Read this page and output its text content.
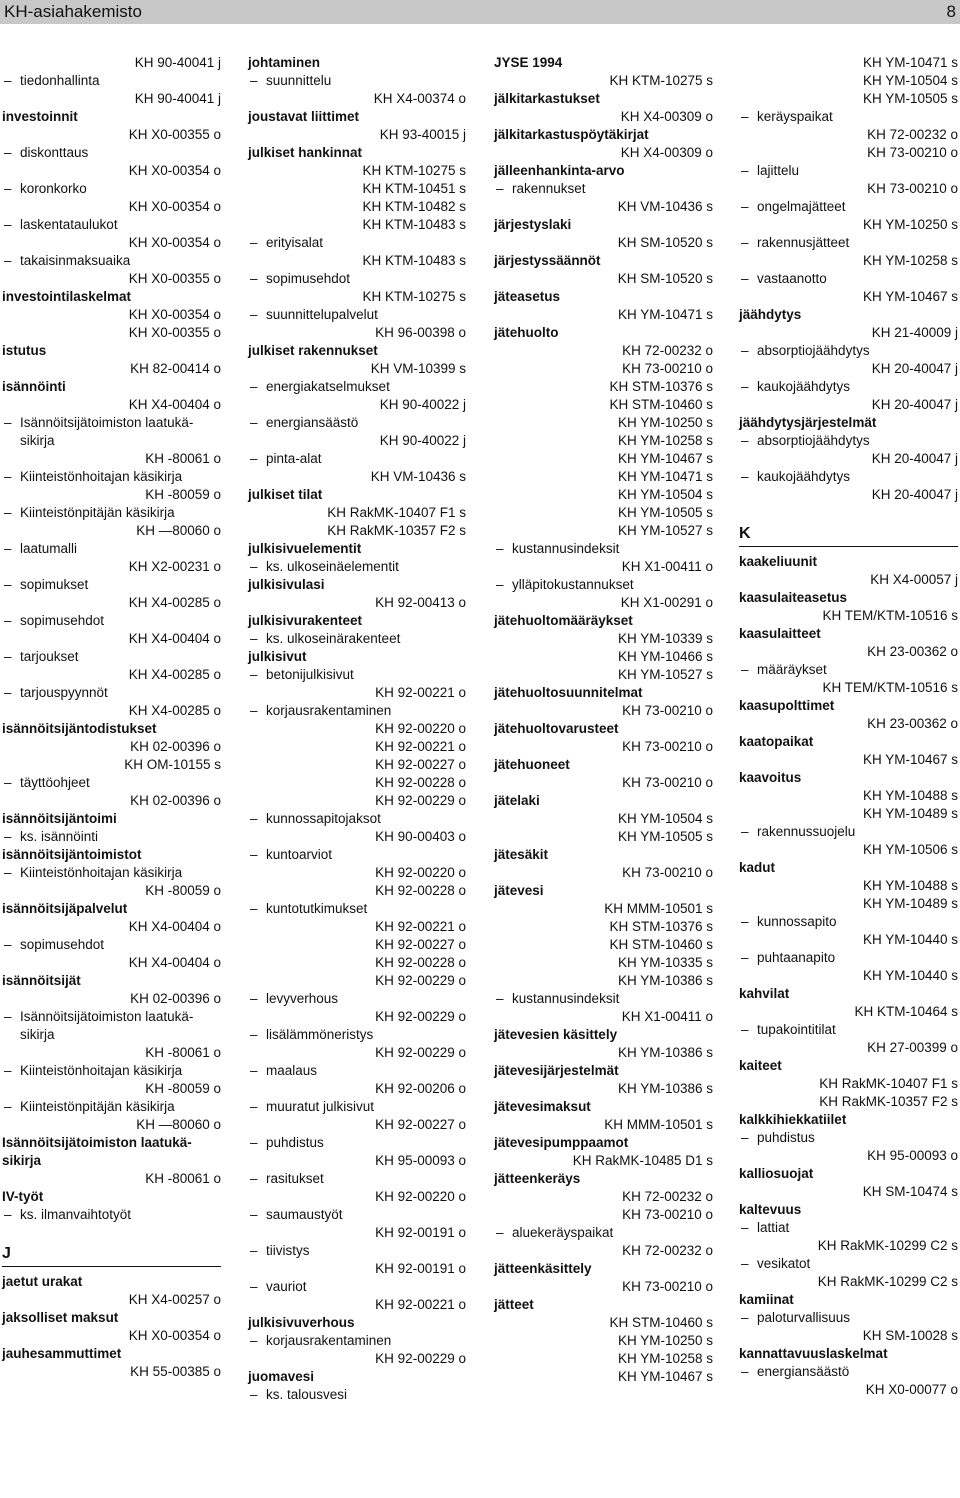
KH-asiahakemisto	8
KH 90-40041 j
– tiedonhallinta
KH 90-40041 j
investoinnit
KH X0-00355 o
– diskonttaus
KH X0-00354 o
– koronkorko
KH X0-00354 o
– laskentataulukot
KH X0-00354 o
– takaisinmaksuaika
KH X0-00355 o
investointilaskelmat
KH X0-00354 o
KH X0-00355 o
istutus
KH 82-00414 o
isännöinti
KH X4-00404 o
– Isännöitsijätoimiston laatukä-
sikirja
KH -80061 o
– Kiinteistönhoitajan käsikirja
KH -80059 o
– Kiinteistönpitäjän käsikirja
KH —80060 o
– laatumalli
KH X2-00231 o
– sopimukset
KH X4-00285 o
– sopimusehdot
KH X4-00404 o
– tarjoukset
KH X4-00285 o
– tarjouspyynnöt
KH X4-00285 o
isännöitsijäntodistukset
KH 02-00396 o
KH OM-10155 s
– täyttöohjeet
KH 02-00396 o
isännöitsijäntoimi
– ks. isännöinti
isännöitsijäntoimistot
– Kiinteistönhoitajan käsikirja
KH -80059 o
isännöitsijäpalvelut
KH X4-00404 o
– sopimusehdot
KH X4-00404 o
isännöitsijät
KH 02-00396 o
– Isännöitsijätoimiston laatukä-
sikirja
KH -80061 o
– Kiinteistönhoitajan käsikirja
KH -80059 o
– Kiinteistönpitäjän käsikirja
KH —80060 o
Isännöitsijätoimiston laatukä-
sikirja
KH -80061 o
IV-työt
– ks. ilmanvaihtotyöt
J
jaetut urakat
KH X4-00257 o
jaksolliset maksut
KH X0-00354 o
jauhesammuttimet
KH 55-00385 o
johtaminen
– suunnittelu
KH X4-00374 o
joustavat liittimet
KH 93-40015 j
julkiset hankinnat
KH KTM-10275 s
KH KTM-10451 s
KH KTM-10482 s
KH KTM-10483 s
– erityisalat
KH KTM-10483 s
– sopimusehdot
KH KTM-10275 s
– suunnittelupalvelut
KH 96-00398 o
julkiset rakennukset
KH VM-10399 s
– energiakatselmukset
KH 90-40022 j
– energiansäästö
KH 90-40022 j
– pinta-alat
KH VM-10436 s
julkiset tilat
KH RakMK-10407 F1 s
KH RakMK-10357 F2 s
julkisivuelementit
– ks. ulkoseinäelementit
julkisivulasi
KH 92-00413 o
julkisivurakenteet
– ks. ulkoseinärakenteet
julkisivut
– betonijulkisivut
KH 92-00221 o
– korjausrakentaminen
KH 92-00220 o
KH 92-00221 o
KH 92-00227 o
KH 92-00228 o
KH 92-00229 o
– kunnossapitojaksot
KH 90-00403 o
– kuntoarviot
KH 92-00220 o
KH 92-00228 o
– kuntotutkimukset
KH 92-00221 o
KH 92-00227 o
KH 92-00228 o
KH 92-00229 o
– levyverhous
KH 92-00229 o
– lisälämmöneristys
KH 92-00229 o
– maalaus
KH 92-00206 o
– muuratut julkisivut
KH 92-00227 o
– puhdistus
KH 95-00093 o
– rasitukset
KH 92-00220 o
– saumaustyöt
KH 92-00191 o
– tiivistys
KH 92-00191 o
– vauriot
KH 92-00221 o
julkisivuverhous
– korjausrakentaminen
KH 92-00229 o
juomavesi
– ks. talousvesi
JYSE 1994
KH KTM-10275 s
jälkitarkastukset
KH X4-00309 o
jälkitarkastuspöytäkirjat
KH X4-00309 o
jälleenhankinta-arvo
– rakennukset
KH VM-10436 s
järjestyslaki
KH SM-10520 s
järjestyssäännöt
KH SM-10520 s
jäteasetus
KH YM-10471 s
jätehuolto
KH 72-00232 o
KH 73-00210 o
KH STM-10376 s
KH STM-10460 s
KH YM-10250 s
KH YM-10258 s
KH YM-10467 s
KH YM-10471 s
KH YM-10504 s
KH YM-10505 s
KH YM-10527 s
– kustannusindeksit
KH X1-00411 o
– ylläpitokustannukset
KH X1-00291 o
jätehuoltomääräykset
KH YM-10339 s
KH YM-10466 s
KH YM-10527 s
jätehuoltosuunnitelmat
KH 73-00210 o
jätehuoltovarusteet
KH 73-00210 o
jätehuoneet
KH 73-00210 o
jätelaki
KH YM-10504 s
KH YM-10505 s
jätesäkit
KH 73-00210 o
jätevesi
KH MMM-10501 s
KH STM-10376 s
KH STM-10460 s
KH YM-10335 s
KH YM-10386 s
– kustannusindeksit
KH X1-00411 o
jätevesien käsittely
KH YM-10386 s
jätevesijärjestelmät
KH YM-10386 s
jätevesimaksut
KH MMM-10501 s
jätevesipumppaamot
KH RakMK-10485 D1 s
jätteenkeräys
KH 72-00232 o
KH 73-00210 o
– aluekeräyspaikat
KH 72-00232 o
jätteenkäsittely
KH 73-00210 o
jätteet
KH STM-10460 s
KH YM-10250 s
KH YM-10258 s
KH YM-10467 s
KH YM-10471 s
KH YM-10504 s
KH YM-10505 s
– keräyspaikat
KH 72-00232 o
KH 73-00210 o
– lajittelu
KH 73-00210 o
– ongelmajätteet
KH YM-10250 s
– rakennusjätteet
KH YM-10258 s
– vastaanotto
KH YM-10467 s
jäähdytys
KH 21-40009 j
– absorptiojäähdytys
KH 20-40047 j
– kaukojäähdytys
KH 20-40047 j
jäähdytysjärjestelmät
– absorptiojäähdytys
KH 20-40047 j
– kaukojäähdytys
KH 20-40047 j
K
kaakeliuunit
KH X4-00057 j
kaasulaiteasetus
KH TEM/KTM-10516 s
kaasulaitteet
KH 23-00362 o
– määräykset
KH TEM/KTM-10516 s
kaasupolttimet
KH 23-00362 o
kaatopaikat
KH YM-10467 s
kaavoitus
KH YM-10488 s
KH YM-10489 s
– rakennussuojelu
KH YM-10506 s
kadut
KH YM-10488 s
KH YM-10489 s
– kunnossapito
KH YM-10440 s
– puhtaanapito
KH YM-10440 s
kahvilat
KH KTM-10464 s
– tupakointitilat
KH 27-00399 o
kaiteet
KH RakMK-10407 F1 s
KH RakMK-10357 F2 s
kalkkihiekkatiilet
– puhdistus
KH 95-00093 o
kalliosuojat
KH SM-10474 s
kaltevuus
– lattiat
KH RakMK-10299 C2 s
– vesikatot
KH RakMK-10299 C2 s
kamiinat
– paloturvallisuus
KH SM-10028 s
kannattavuuslaskelmat
– energiansäästö
KH X0-00077 o
